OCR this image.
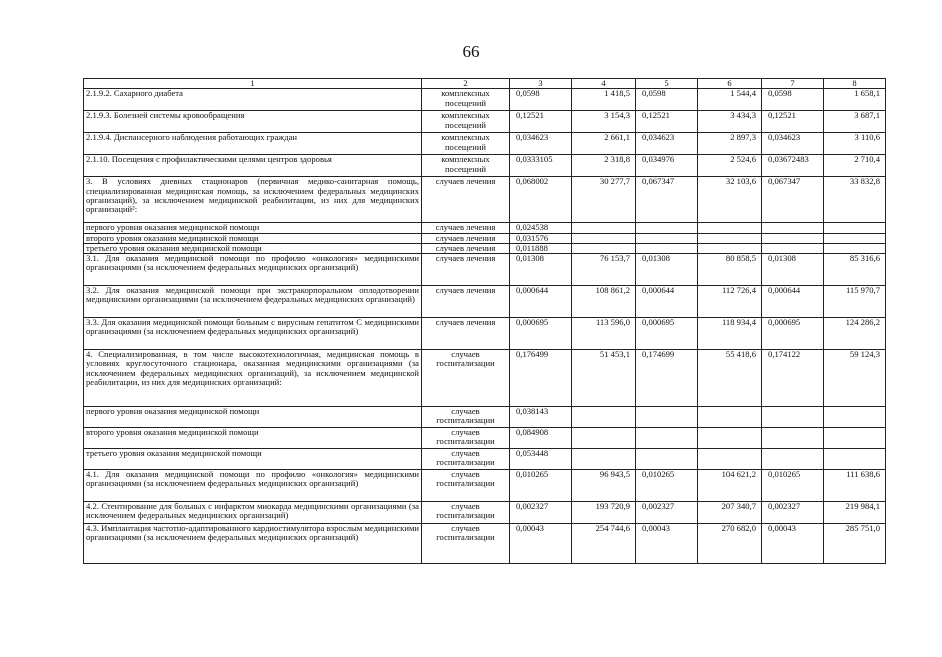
66
1	2	3	4	5	6	7	8
2.1.9.2. Сахарного диабета	комплексных посещений	0,0598	1 418,5	0,0598	1 544,4	0,0598	1 658,1
2.1.9.3. Болезней системы кровообращения	комплексных посещений	0,12521	3 154,3	0,12521	3 434,3	0,12521	3 687,1
2.1.9.4. Диспансерного наблюдения работающих граждан	комплексных посещений	0,034623	2 661,1	0,034623	2 897,3	0,034623	3 110,6
2.1.10. Посещения с профилактическими целями центров здоровья	комплексных посещений	0,0333105	2 318,8	0,034976	2 524,6	0,03672483	2 710,4
3. В условиях дневных стационаров (первичная медико-санитарная помощь, специализированная медицинская помощь, за исключением федеральных медицинских организаций), за исключением медицинской реабилитации, из них для медицинских организаций²:	случаев лечения	0,068002	30 277,7	0,067347	32 103,6	0,067347	33 832,8
первого уровня оказания медицинской помощи	случаев лечения	0,024538					
второго уровня оказания медицинской помощи	случаев лечения	0,031576					
третьего уровня оказания медицинской помощи	случаев лечения	0,011888					
3.1. Для оказания медицинской помощи по профилю «онкология» медицинскими организациями (за исключением федеральных медицинских организаций)	случаев лечения	0,01308	76 153,7	0,01308	80 858,5	0,01308	85 316,6
3.2. Для оказания медицинской помощи при экстракорпоральном оплодотворении медицинскими организациями (за исключением федеральных медицинских организаций)	случаев лечения	0,000644	108 861,2	0,000644	112 726,4	0,000644	115 970,7
3.3. Для оказания медицинской помощи больным с вирусным гепатитом С медицинскими организациями (за исключением федеральных медицинских организаций)	случаев лечения	0,000695	113 596,0	0,000695	118 934,4	0,000695	124 286,2
4. Специализированная, в том числе высокотехнологичная, медицинская помощь в условиях круглосуточного стационара, оказанная медицинскими организациями (за исключением федеральных медицинских организаций), за исключением медицинской реабилитации, из них для медицинских организаций:	случаев госпитализации	0,176499	51 453,1	0,174699	55 418,6	0,174122	59 124,3
первого уровня оказания медицинской помощи	случаев госпитализации	0,038143					
второго уровня оказания медицинской помощи	случаев госпитализации	0,084908					
третьего уровня оказания медицинской помощи	случаев госпитализации	0,053448					
4.1. Для оказания медицинской помощи по профилю «онкология» медицинскими организациями (за исключением федеральных медицинских организаций)	случаев госпитализации	0,010265	96 943,5	0,010265	104 621,2	0,010265	111 638,6
4.2. Стентирование для больных с инфарктом миокарда медицинскими организациями (за исключением федеральных медицинских организаций)	случаев госпитализации	0,002327	193 720,9	0,002327	207 340,7	0,002327	219 984,1
4.3. Имплантация частотно-адаптированного кардиостимулятора взрослым медицинскими организациями (за исключением федеральных медицинских организаций)	случаев госпитализации	0,00043	254 744,6	0,00043	270 682,0	0,00043	285 751,0
